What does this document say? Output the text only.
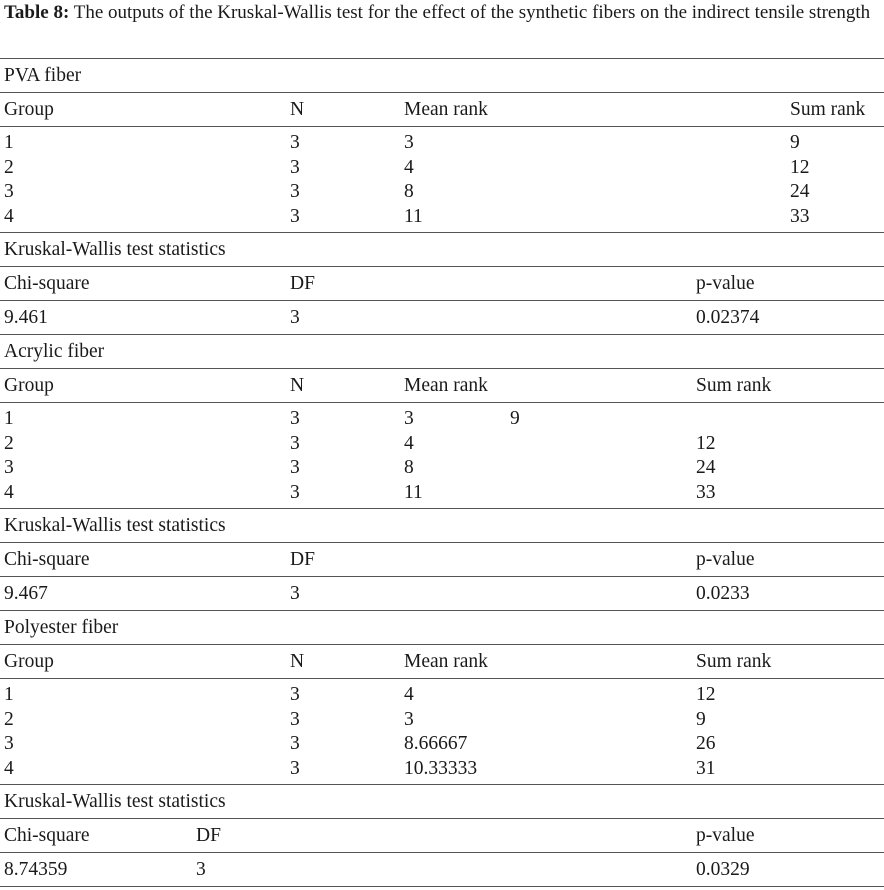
Table 8: The outputs of the Kruskal-Wallis test for the effect of the synthetic fibers on the indirect tensile strength
PVA fiber
Group	N	Mean rank	Sum rank
1	3	3	9
2	3	4	12
3	3	8	24
4	3	11	33
Kruskal-Wallis test statistics
Chi-square	DF	p-value
9.461	3	0.02374
Acrylic fiber
Group	N	Mean rank	Sum rank
1	3	3	9
2	3	4	12
3	3	8	24
4	3	11	33
Kruskal-Wallis test statistics
Chi-square	DF	p-value
9.467	3	0.0233
Polyester fiber
Group	N	Mean rank	Sum rank
1	3	4	12
2	3	3	9
3	3	8.66667	26
4	3	10.33333	31
Kruskal-Wallis test statistics
Chi-square	DF	p-value
8.74359	3	0.0329
